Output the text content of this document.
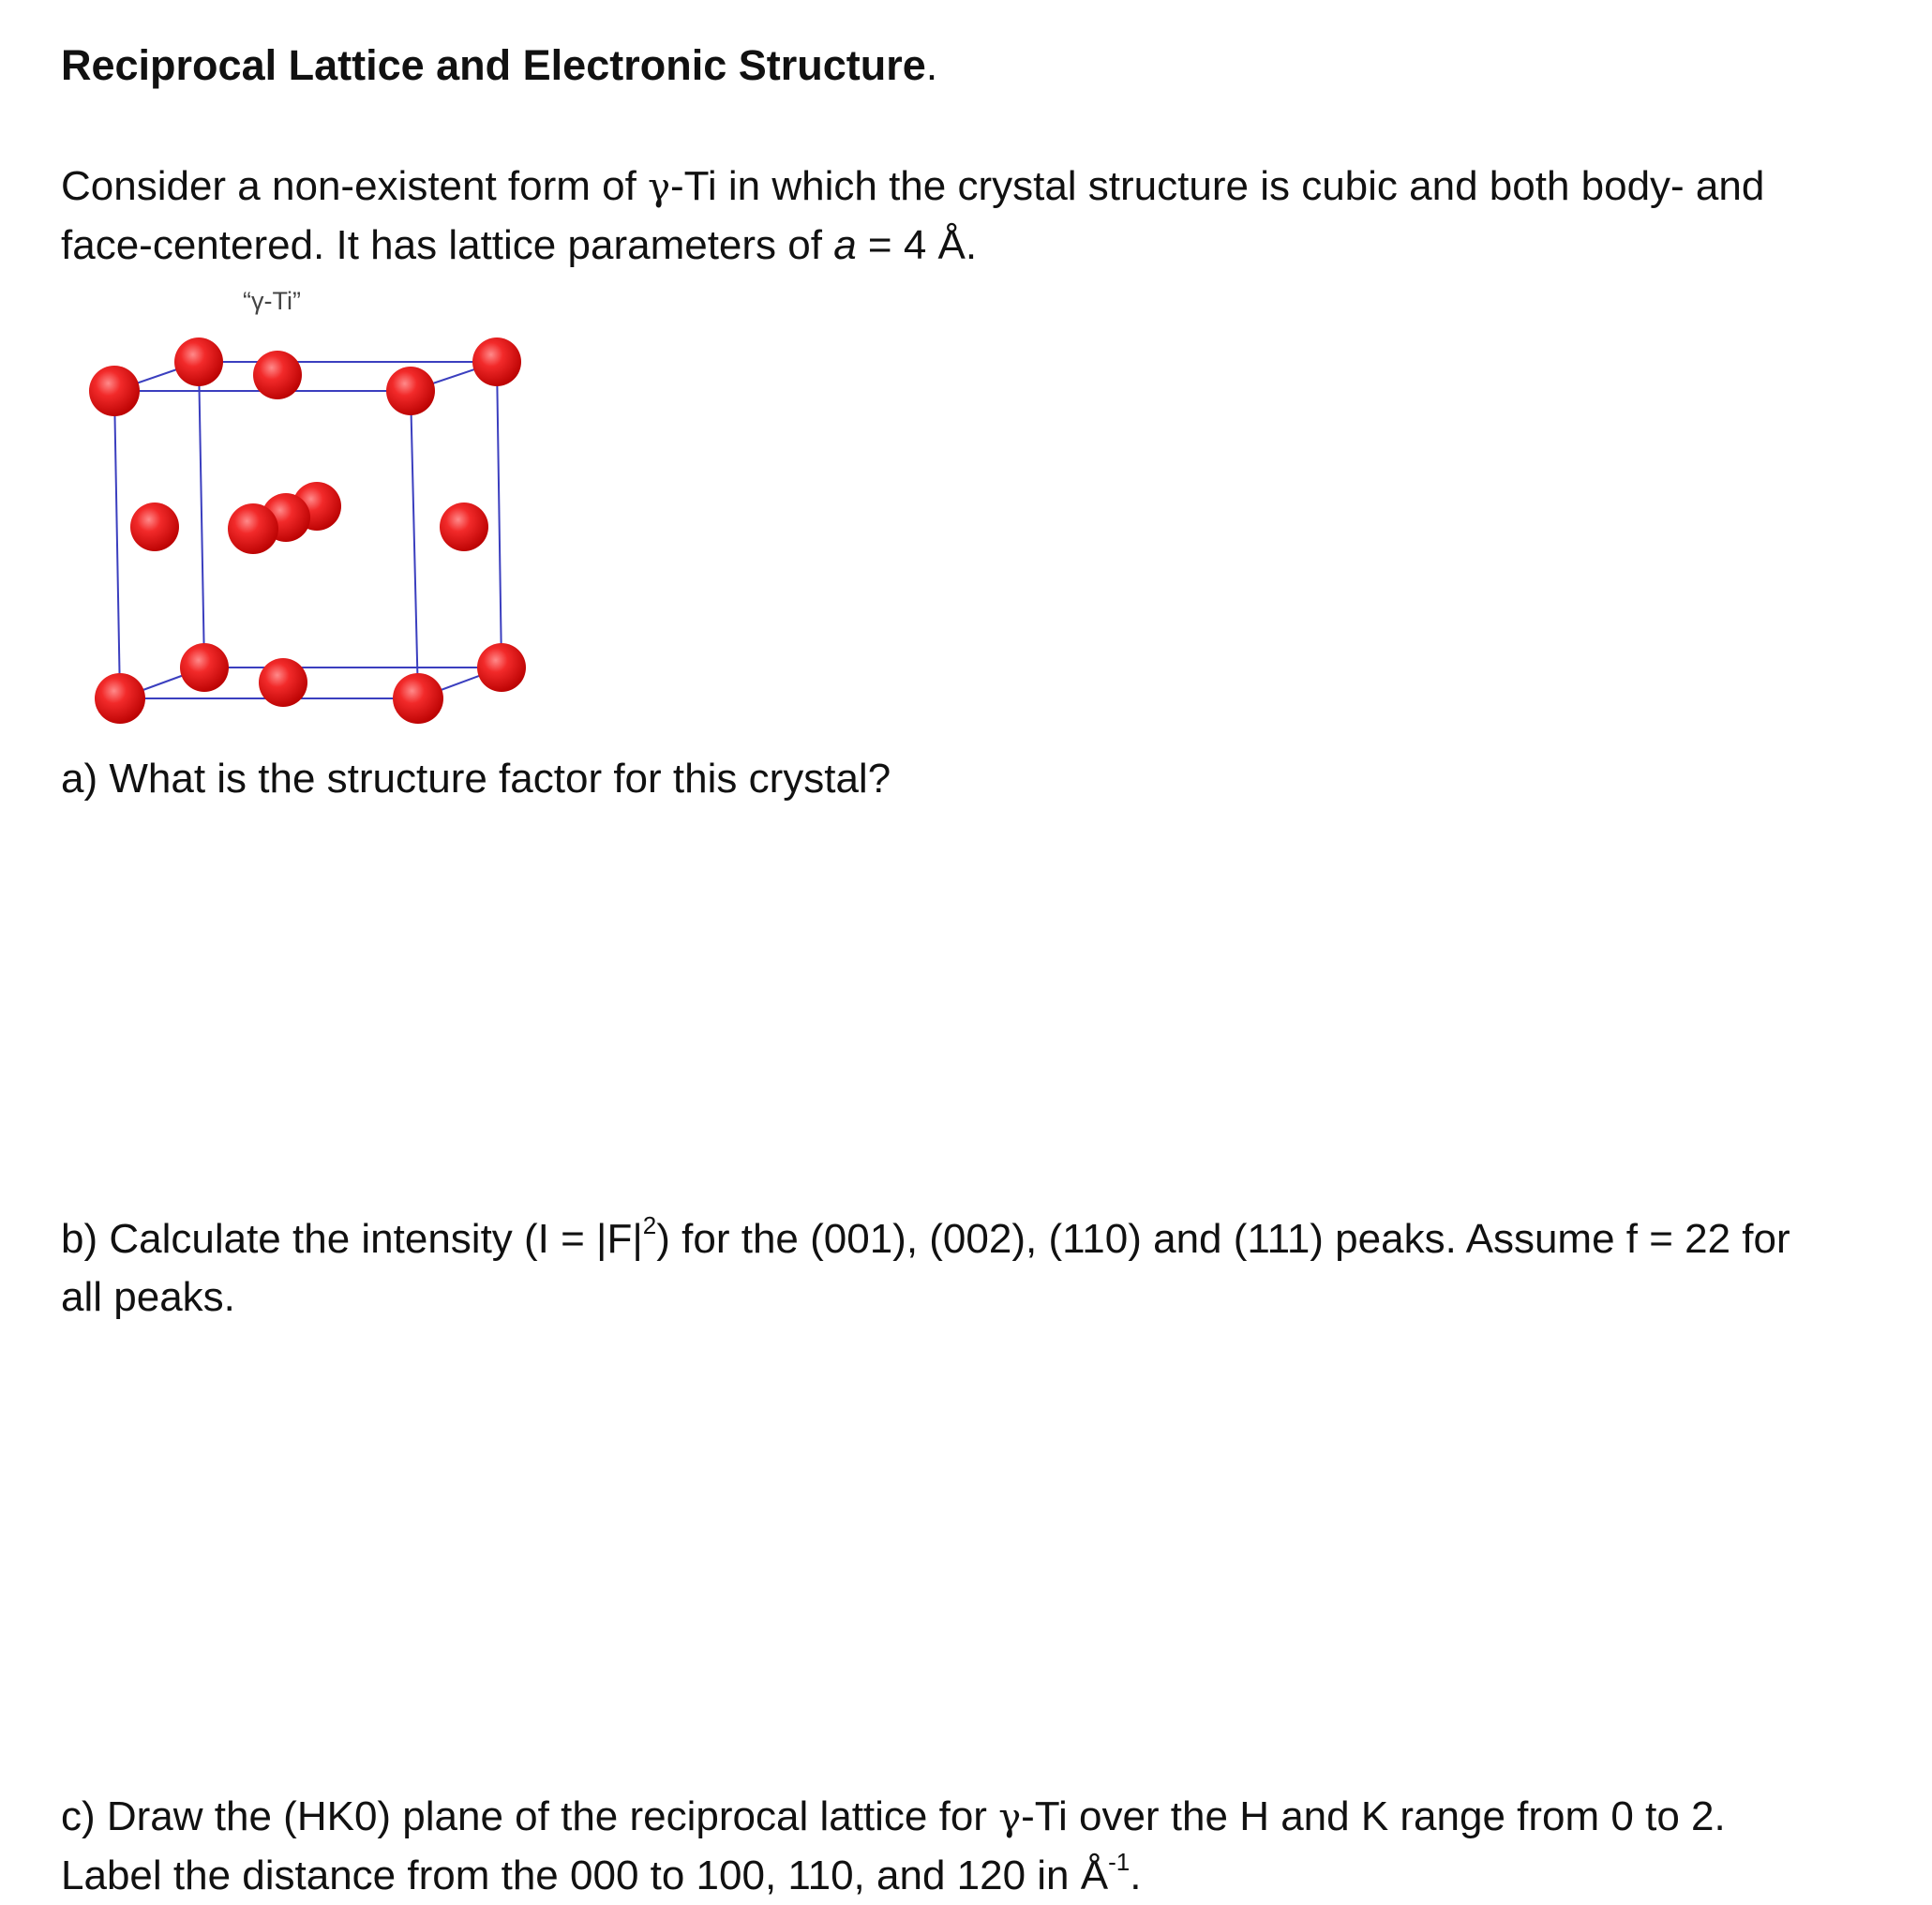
Reciprocal Lattice and Electronic Structure.

Consider a non-existent form of γ-Ti in which the crystal structure is cubic and both body- and
face-centered. It has lattice parameters of a = 4 Å.

“γ-Ti”

a) What is the structure factor for this crystal?

b) Calculate the intensity $(I = |F|^2)$ for the (001), (002), (110) and (111) peaks. Assume f = 22 for
all peaks.

c) Draw the (HK0) plane of the reciprocal lattice for γ-Ti over the H and K range from 0 to 2.
Label the distance from the 000 to 100, 110, and 120 in $Å^{-1}$.
